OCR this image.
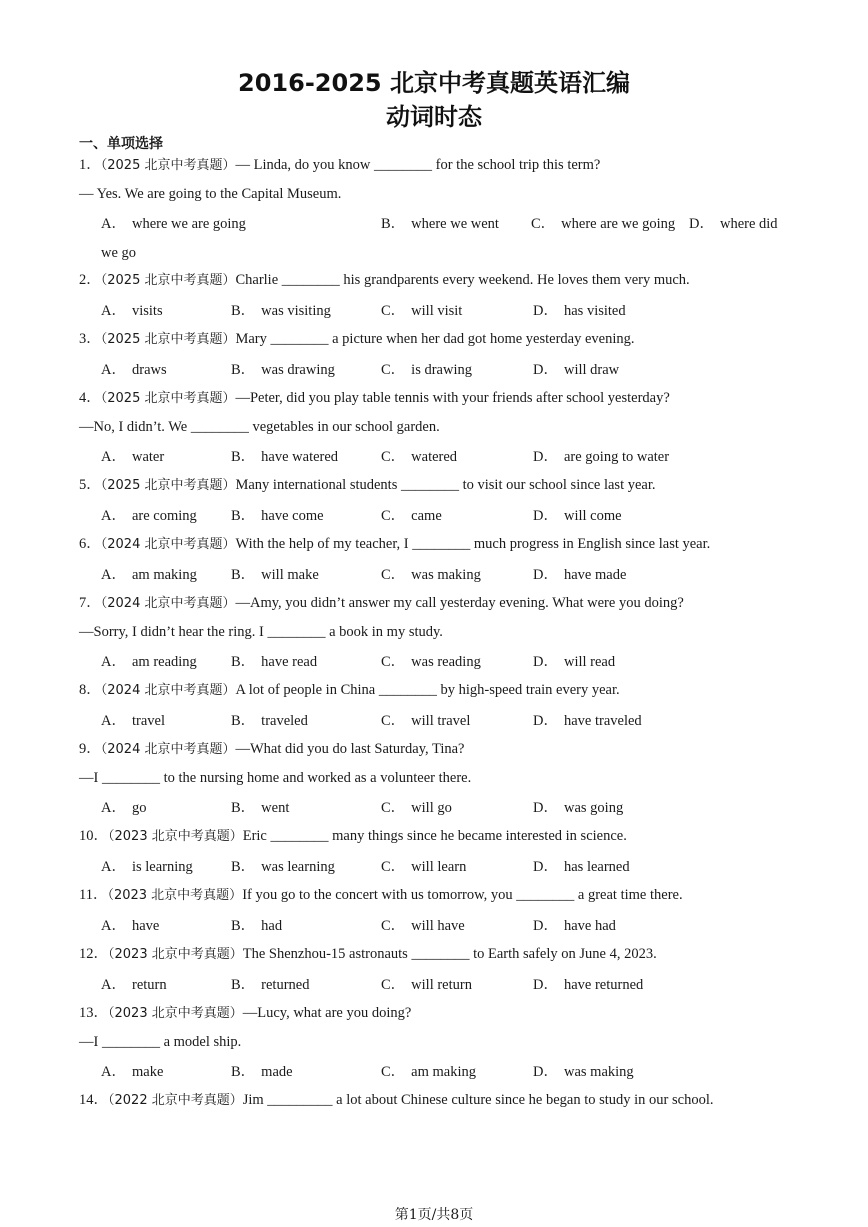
2016-2025 北京中考真题英语汇编
动词时态
一、单项选择
1．（2025 北京中考真题）— Linda, do you know ________ for the school trip this term?
— Yes. We are going to the Capital Museum.
A． where we are going	B． where we went C． where are we going D． where did
we go
2．（2025 北京中考真题）Charlie ________ his grandparents every weekend. He loves them very much.
A． visits	B． was visiting	C． will visit	D． has visited
3．（2025 北京中考真题）Mary ________ a picture when her dad got home yesterday evening.
A． draws	B． was drawing	C． is drawing	D． will draw
4．（2025 北京中考真题）—Peter, did you play table tennis with your friends after school yesterday?
—No, I didn’t. We ________ vegetables in our school garden.
A． water	B． have watered	C． watered	D． are going to water
5．（2025 北京中考真题）Many international students ________ to visit our school since last year.
A． are coming B． have come	C． came	D． will come
6．（2024 北京中考真题）With the help of my teacher, I ________ much progress in English since last year.
A． am making B． will make	C． was making	D． have made
7．（2024 北京中考真题）—Amy, you didn’t answer my call yesterday evening. What were you doing?
—Sorry, I didn’t hear the ring. I ________ a book in my study.
A． am reading B． have read	C． was reading	D． will read
8．（2024 北京中考真题）A lot of people in China ________ by high-speed train every year.
A． travel	B． traveled	C． will travel	D． have traveled
9．（2024 北京中考真题）—What did you do last Saturday, Tina?
—I ________ to the nursing home and worked as a volunteer there.
A． go	B． went	C． will go	D． was going
10．（2023 北京中考真题）Eric ________ many things since he became interested in science.
A． is learning	B． was learning	C． will learn	D． has learned
11．（2023 北京中考真题）If you go to the concert with us tomorrow, you ________ a great time there.
A． have	B． had	C． will have	D． have had
12．（2023 北京中考真题）The Shenzhou-15 astronauts ________ to Earth safely on June 4, 2023.
A． return	B． returned	C． will return	D． have returned
13．（2023 北京中考真题）—Lucy, what are you doing?
—I ________ a model ship.
A． make	B． made	C． am making	D． was making
14．（2022 北京中考真题）Jim _________ a lot about Chinese culture since he began to study in our school.
第1页/共8页
